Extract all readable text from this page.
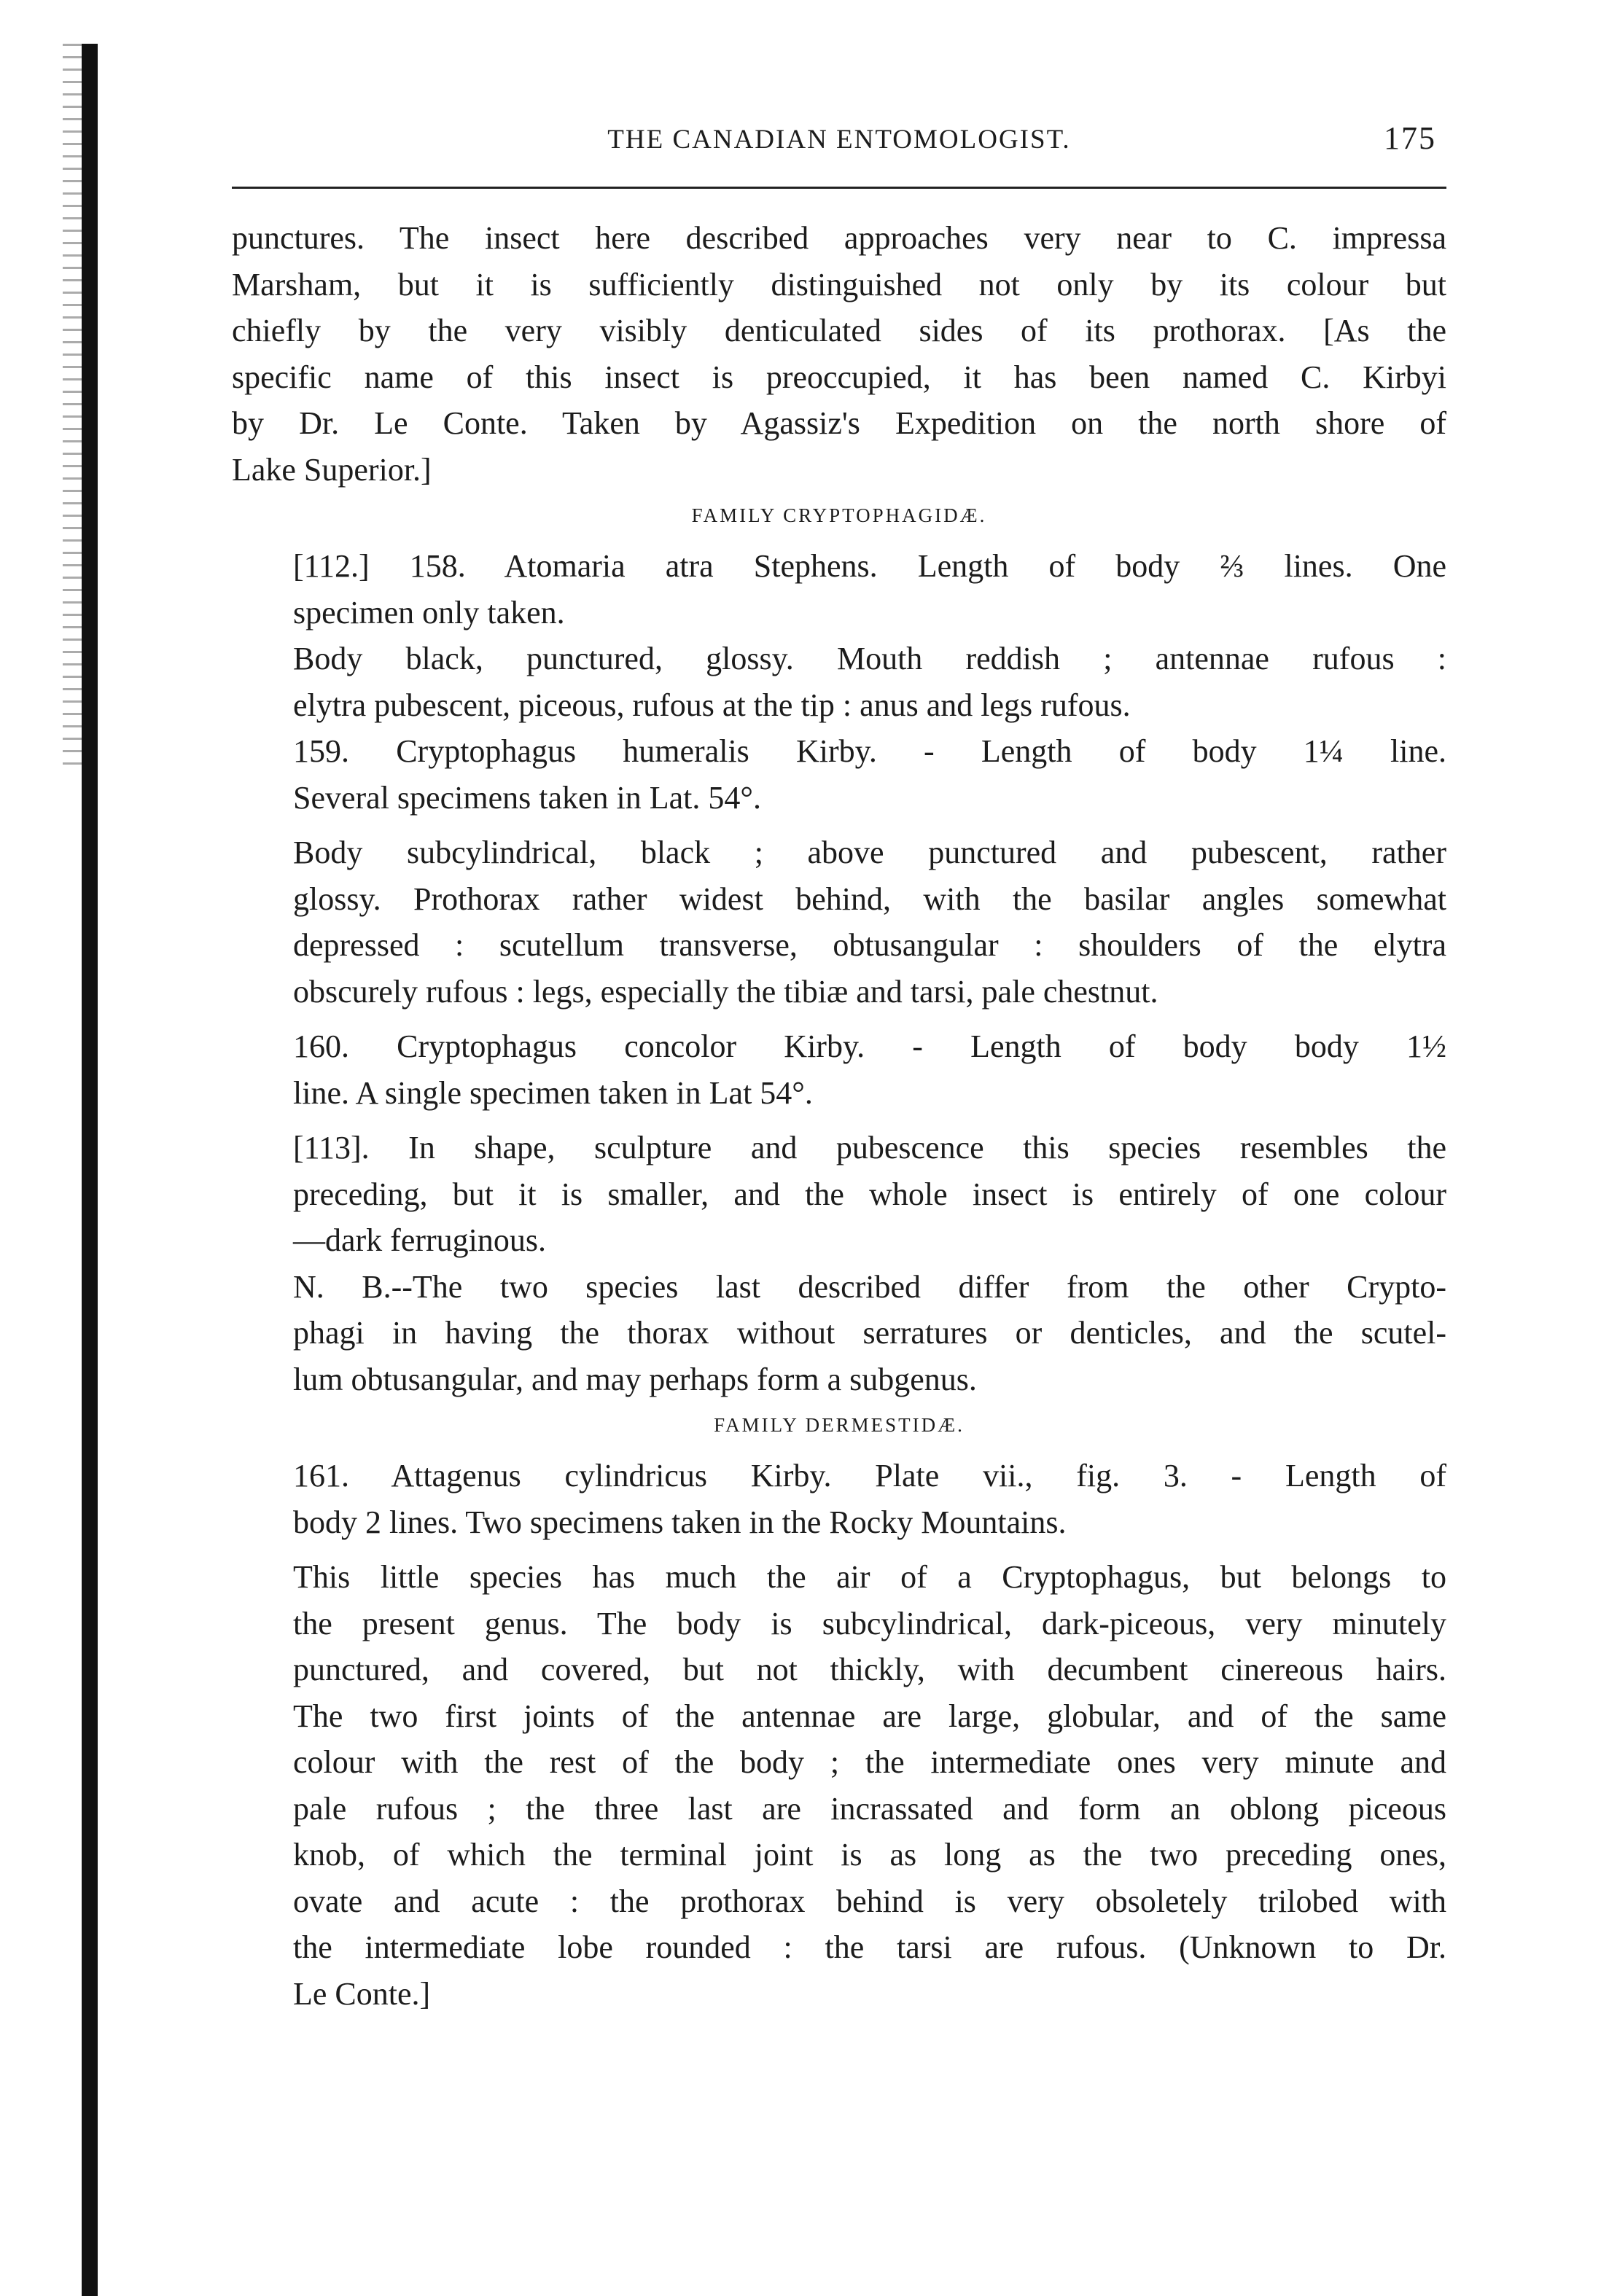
THE CANADIAN ENTOMOLOGIST.	175

punctures. The insect here described approaches very near to C. impressa
Marsham, but it is sufficiently distinguished not only by its colour but
chiefly by the very visibly denticulated sides of its prothorax. [As the
specific name of this insect is preoccupied, it has been named C. Kirbyi
by Dr. Le Conte. Taken by Agassiz's Expedition on the north shore of
Lake Superior.]

FAMILY CRYPTOPHAGIDÆ.

[112.] 158. Atomaria atra Stephens. Length of body ⅔ lines. One
specimen only taken.

Body black, punctured, glossy. Mouth reddish ; antennae rufous :
elytra pubescent, piceous, rufous at the tip : anus and legs rufous.

159. Cryptophagus humeralis Kirby. - Length of body 1¼ line.
Several specimens taken in Lat. 54°.

Body subcylindrical, black ; above punctured and pubescent, rather
glossy. Prothorax rather widest behind, with the basilar angles somewhat
depressed : scutellum transverse, obtusangular : shoulders of the elytra
obscurely rufous : legs, especially the tibiæ and tarsi, pale chestnut.

160. Cryptophagus concolor Kirby. - Length of body body 1½
line. A single specimen taken in Lat 54°.

[113]. In shape, sculpture and pubescence this species resembles the
preceding, but it is smaller, and the whole insect is entirely of one colour
—dark ferruginous.

N. B.--The two species last described differ from the other Crypto-
phagi in having the thorax without serratures or denticles, and the scutel-
lum obtusangular, and may perhaps form a subgenus.

FAMILY DERMESTIDÆ.

161. Attagenus cylindricus Kirby. Plate vii., fig. 3. - Length of
body 2 lines. Two specimens taken in the Rocky Mountains.

This little species has much the air of a Cryptophagus, but belongs to
the present genus. The body is subcylindrical, dark-piceous, very minutely
punctured, and covered, but not thickly, with decumbent cinereous hairs.
The two first joints of the antennae are large, globular, and of the same
colour with the rest of the body ; the intermediate ones very minute and
pale rufous ; the three last are incrassated and form an oblong piceous
knob, of which the terminal joint is as long as the two preceding ones,
ovate and acute : the prothorax behind is very obsoletely trilobed with
the intermediate lobe rounded : the tarsi are rufous. (Unknown to Dr.
Le Conte.]
